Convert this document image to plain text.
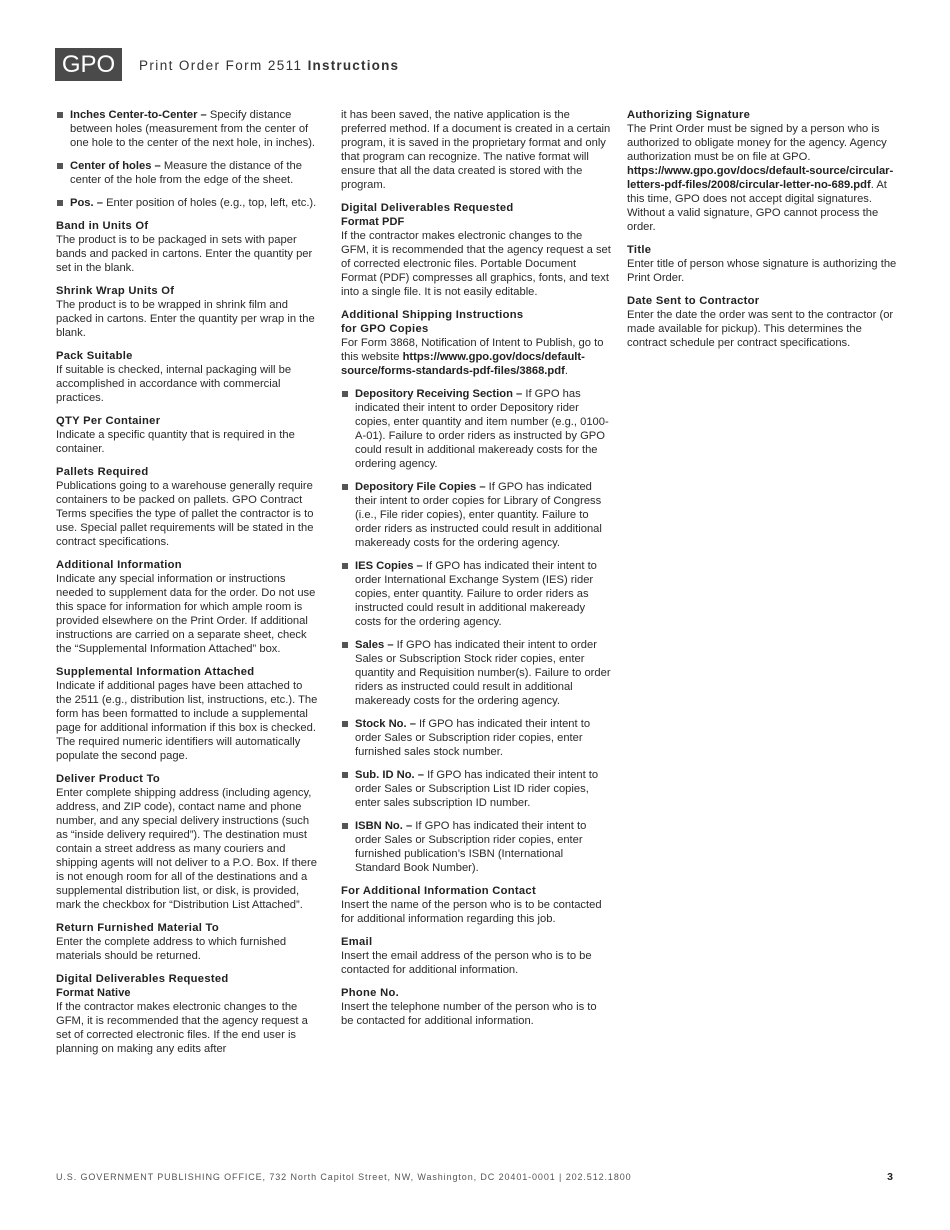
GPO	Print Order Form 2511 Instructions
Inches Center-to-Center – Specify distance between holes (measurement from the center of one hole to the center of the next hole, in inches).
Center of holes – Measure the distance of the center of the hole from the edge of the sheet.
Pos. – Enter position of holes (e.g., top, left, etc.).
Band in Units Of
The product is to be packaged in sets with paper bands and packed in cartons. Enter the quantity per set in the blank.
Shrink Wrap Units Of
The product is to be wrapped in shrink film and packed in cartons. Enter the quantity per wrap in the blank.
Pack Suitable
If suitable is checked, internal packaging will be accomplished in accordance with commercial practices.
QTY Per Container
Indicate a specific quantity that is required in the container.
Pallets Required
Publications going to a warehouse generally require containers to be packed on pallets. GPO Contract Terms specifies the type of pallet the contractor is to use. Special pallet requirements will be stated in the contract specifications.
Additional Information
Indicate any special information or instructions needed to supplement data for the order. Do not use this space for information for which ample room is provided elsewhere on the Print Order. If additional instructions are carried on a separate sheet, check the “Supplemental Information Attached” box.
Supplemental Information Attached
Indicate if additional pages have been attached to the 2511 (e.g., distribution list, instructions, etc.). The form has been formatted to include a supplemental page for additional information if this box is checked. The required numeric identifiers will automatically populate the second page.
Deliver Product To
Enter complete shipping address (including agency, address, and ZIP code), contact name and phone number, and any special delivery instructions (such as “inside delivery required”). The destination must contain a street address as many couriers and shipping agents will not deliver to a P.O. Box. If there is not enough room for all of the destinations and a supplemental distribution list, or disk, is provided, mark the checkbox for “Distribution List Attached”.
Return Furnished Material To
Enter the complete address to which furnished materials should be returned.
Digital Deliverables Requested
Format Native
If the contractor makes electronic changes to the GFM, it is recommended that the agency request a set of corrected electronic files. If the end user is planning on making any edits after
it has been saved, the native application is the preferred method. If a document is created in a certain program, it is saved in the proprietary format and only that program can recognize. The native format will ensure that all the data created is stored with the program.
Digital Deliverables Requested
Format PDF
If the contractor makes electronic changes to the GFM, it is recommended that the agency request a set of corrected electronic files. Portable Document Format (PDF) compresses all graphics, fonts, and text into a single file. It is not easily editable.
Additional Shipping Instructions
for GPO Copies
For Form 3868, Notification of Intent to Publish, go to this website https://www.gpo.gov/docs/default-source/forms-standards-pdf-files/3868.pdf.
Depository Receiving Section – If GPO has indicated their intent to order Depository rider copies, enter quantity and item number (e.g., 0100-A-01). Failure to order riders as instructed by GPO could result in additional makeready costs for the ordering agency.
Depository File Copies – If GPO has indicated their intent to order copies for Library of Congress (i.e., File rider copies), enter quantity. Failure to order riders as instructed could result in additional makeready costs for the ordering agency.
IES Copies – If GPO has indicated their intent to order International Exchange System (IES) rider copies, enter quantity. Failure to order riders as instructed could result in additional makeready costs for the ordering agency.
Sales – If GPO has indicated their intent to order Sales or Subscription Stock rider copies, enter quantity and Requisition number(s). Failure to order riders as instructed could result in additional makeready costs for the ordering agency.
Stock No. – If GPO has indicated their intent to order Sales or Subscription rider copies, enter furnished sales stock number.
Sub. ID No. – If GPO has indicated their intent to order Sales or Subscription List ID rider copies, enter sales subscription ID number.
ISBN No. – If GPO has indicated their intent to order Sales or Subscription rider copies, enter furnished publication’s ISBN (International Standard Book Number).
For Additional Information Contact
Insert the name of the person who is to be contacted for additional information regarding this job.
Email
Insert the email address of the person who is to be contacted for additional information.
Phone No.
Insert the telephone number of the person who is to be contacted for additional information.
Authorizing Signature
The Print Order must be signed by a person who is authorized to obligate money for the agency. Agency authorization must be on file at GPO. https://www.gpo.gov/docs/default-source/circular-letters-pdf-files/2008/circular-letter-no-689.pdf. At this time, GPO does not accept digital signatures. Without a valid signature, GPO cannot process the order.
Title
Enter title of person whose signature is authorizing the Print Order.
Date Sent to Contractor
Enter the date the order was sent to the contractor (or made available for pickup). This determines the contract schedule per contract specifications.
U.S. GOVERNMENT PUBLISHING OFFICE, 732 North Capitol Street, NW, Washington, DC 20401-0001 | 202.512.1800	3
